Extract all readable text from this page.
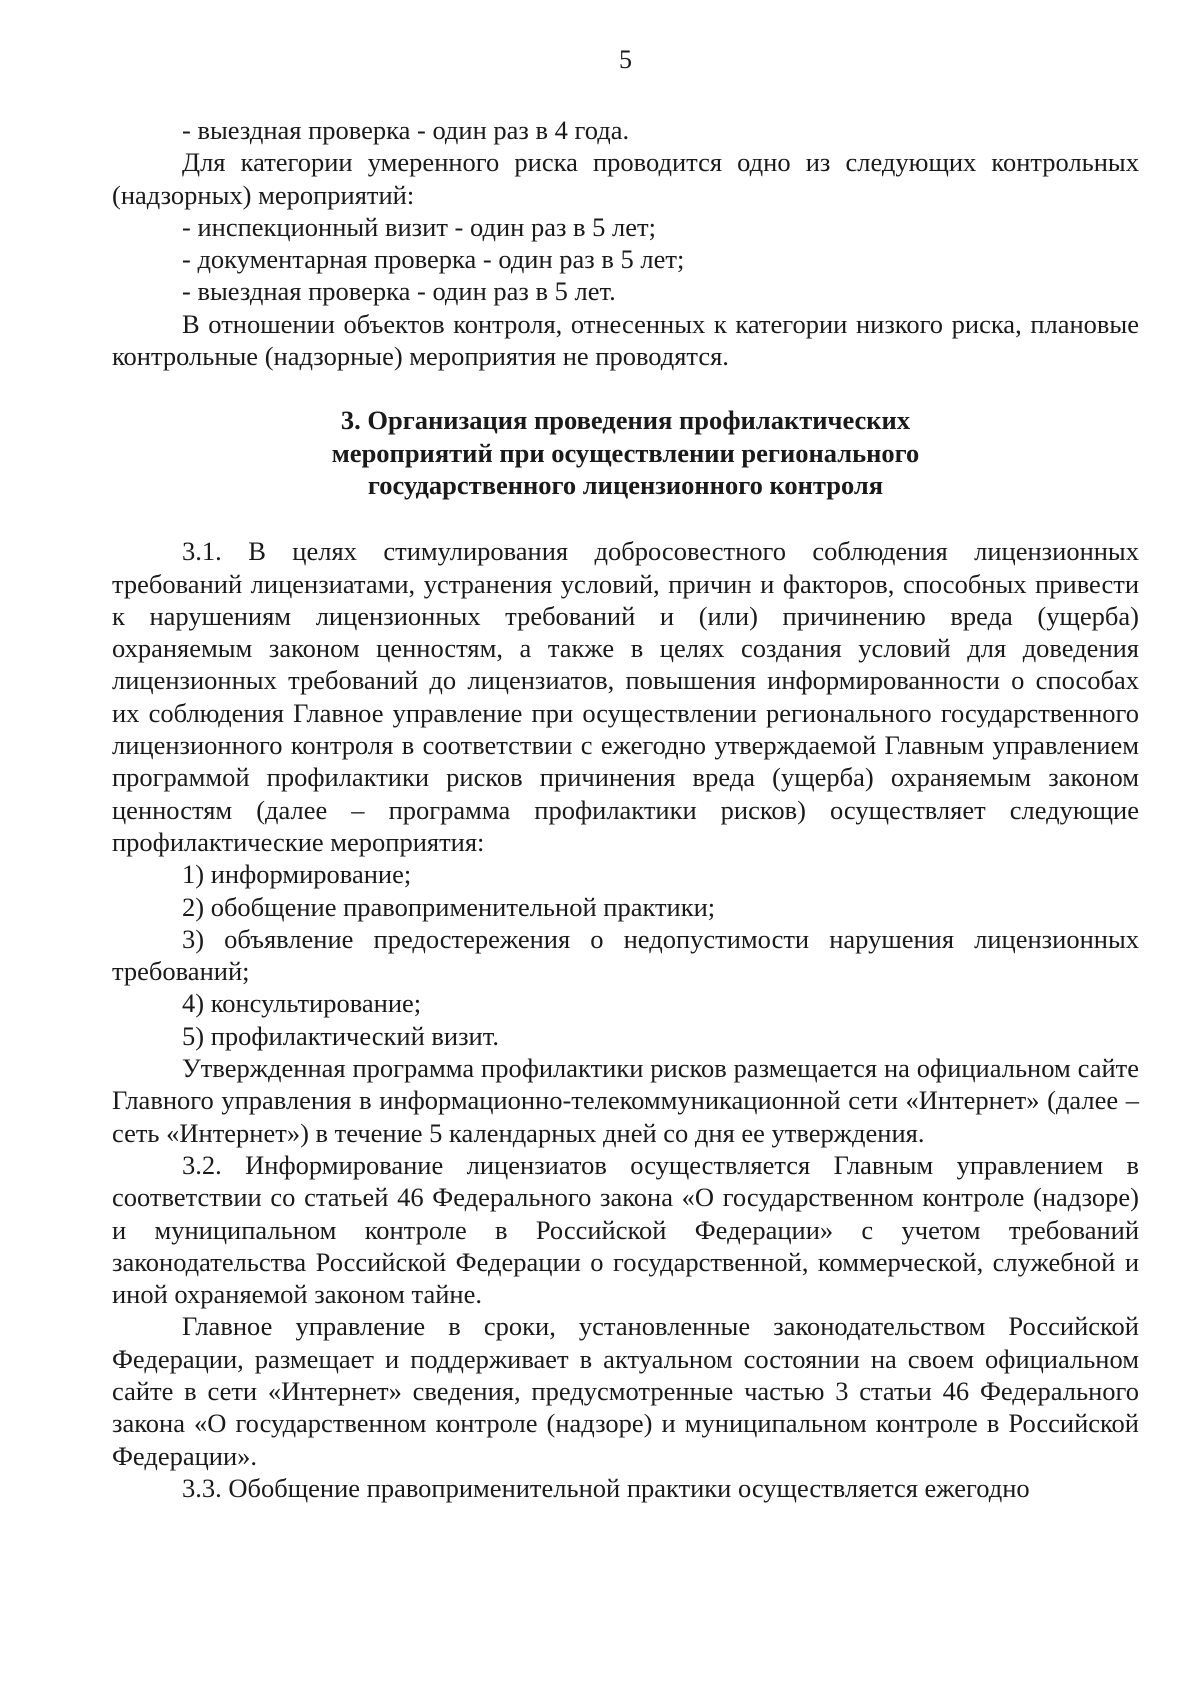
5

- выездная проверка - один раз в 4 года.

Для категории умеренного риска проводится одно из следующих контрольных (надзорных) мероприятий:

- инспекционный визит - один раз в 5 лет;

- документарная проверка - один раз в 5 лет;

- выездная проверка - один раз в 5 лет.

В отношении объектов контроля, отнесенных к категории низкого риска, плановые контрольные (надзорные) мероприятия не проводятся.

3. Организация проведения профилактических
мероприятий при осуществлении регионального
государственного лицензионного контроля

3.1. В целях стимулирования добросовестного соблюдения лицензионных требований лицензиатами, устранения условий, причин и факторов, способных привести к нарушениям лицензионных требований и (или) причинению вреда (ущерба) охраняемым законом ценностям, а также в целях создания условий для доведения лицензионных требований до лицензиатов, повышения информированности о способах их соблюдения Главное управление при осуществлении регионального государственного лицензионного контроля в соответствии с ежегодно утверждаемой Главным управлением программой профилактики рисков причинения вреда (ущерба) охраняемым законом ценностям (далее – программа профилактики рисков) осуществляет следующие профилактические мероприятия:

1) информирование;

2) обобщение правоприменительной практики;

3) объявление предостережения о недопустимости нарушения лицензионных требований;

4) консультирование;

5) профилактический визит.

Утвержденная программа профилактики рисков размещается на официальном сайте Главного управления в информационно-телекоммуникационной сети «Интернет» (далее – сеть «Интернет») в течение 5 календарных дней со дня ее утверждения.

3.2. Информирование лицензиатов осуществляется Главным управлением в соответствии со статьей 46 Федерального закона «О государственном контроле (надзоре) и муниципальном контроле в Российской Федерации» с учетом требований законодательства Российской Федерации о государственной, коммерческой, служебной и иной охраняемой законом тайне.

Главное управление в сроки, установленные законодательством Российской Федерации, размещает и поддерживает в актуальном состоянии на своем официальном сайте в сети «Интернет» сведения, предусмотренные частью 3 статьи 46 Федерального закона «О государственном контроле (надзоре) и муниципальном контроле в Российской Федерации».

3.3. Обобщение правоприменительной практики осуществляется ежегодно
